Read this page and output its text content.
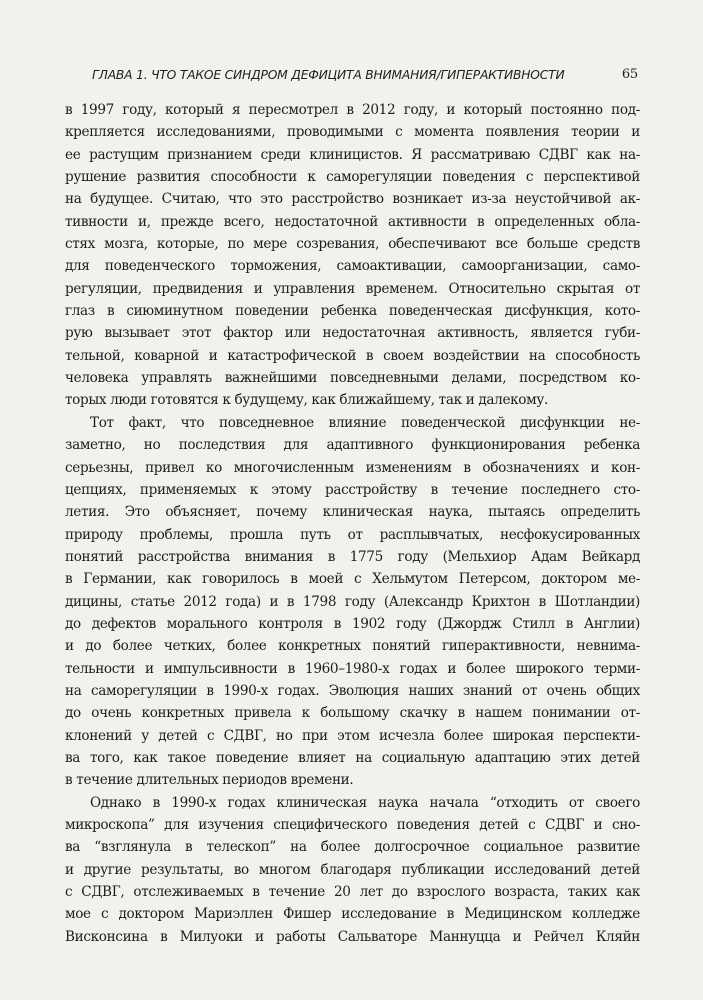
ГЛАВА 1. ЧТО ТАКОЕ СИНДРОМ ДЕФИЦИТА ВНИМАНИЯ/ГИПЕРАКТИВНОСТИ	65

в 1997 году, который я пересмотрел в 2012 году, и который постоянно под-
крепляется исследованиями, проводимыми с момента появления теории и
ее растущим признанием среди клиницистов. Я рассматриваю СДВГ как на-
рушение развития способности к саморегуляции поведения с перспективой
на будущее. Считаю, что это расстройство возникает из-за неустойчивой ак-
тивности и, прежде всего, недостаточной активности в определенных обла-
стях мозга, которые, по мере созревания, обеспечивают все больше средств
для поведенческого торможения, самоактивации, самоорганизации, само-
регуляции, предвидения и управления временем. Относительно скрытая от
глаз в сиюминутном поведении ребенка поведенческая дисфункция, кото-
рую вызывает этот фактор или недостаточная активность, является губи-
тельной, коварной и катастрофической в своем воздействии на способность
человека управлять важнейшими повседневными делами, посредством ко-
торых люди готовятся к будущему, как ближайшему, так и далекому.

Тот факт, что повседневное влияние поведенческой дисфункции не-
заметно, но последствия для адаптивного функционирования ребенка
серьезны, привел ко многочисленным изменениям в обозначениях и кон-
цепциях, применяемых к этому расстройству в течение последнего сто-
летия. Это объясняет, почему клиническая наука, пытаясь определить
природу проблемы, прошла путь от расплывчатых, несфокусированных
понятий расстройства внимания в 1775 году (Мельхиор Адам Вейкард
в Германии, как говорилось в моей с Хельмутом Петерсом, доктором ме-
дицины, статье 2012 года) и в 1798 году (Александр Крихтон в Шотландии)
до дефектов морального контроля в 1902 году (Джордж Стилл в Англии)
и до более четких, более конкретных понятий гиперактивности, невнима-
тельности и импульсивности в 1960–1980-х годах и более широкого терми-
на саморегуляции в 1990-х годах. Эволюция наших знаний от очень общих
до очень конкретных привела к большому скачку в нашем понимании от-
клонений у детей с СДВГ, но при этом исчезла более широкая перспекти-
ва того, как такое поведение влияет на социальную адаптацию этих детей
в течение длительных периодов времени.

Однако в 1990-х годах клиническая наука начала “отходить от своего
микроскопа” для изучения специфического поведения детей с СДВГ и сно-
ва “взглянула в телескоп” на более долгосрочное социальное развитие
и другие результаты, во многом благодаря публикации исследований детей
с СДВГ, отслеживаемых в течение 20 лет до взрослого возраста, таких как
мое с доктором Мариэллен Фишер исследование в Медицинском колледже
Висконсина в Милуоки и работы Сальваторе Маннуцца и Рейчел Кляйн
